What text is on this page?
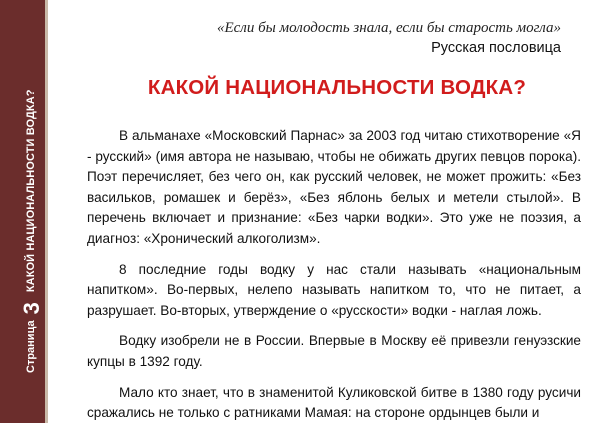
Страница
3
КАКОЙ НАЦИОНАЛЬНОСТИ ВОДКА?
«Если бы молодость знала, если бы старость могла»
Русская пословица
КАКОЙ НАЦИОНАЛЬНОСТИ ВОДКА?

В альманахе «Московский Парнас» за 2003 год читаю стихотворение «Я - русский» (имя автора не называю, чтобы не обижать других певцов порока). Поэт перечисляет, без чего он, как русский человек, не может прожить: «Без васильков, ромашек и берёз», «Без яблонь белых и метели стылой». В перечень включает и признание: «Без чарки водки». Это уже не поэзия, а диагноз: «Хронический алкоголизм».

8 последние годы водку у нас стали называть «национальным напитком». Во-первых, нелепо называть напитком то, что не питает, а разрушает. Во-вторых, утверждение о «русскости» водки - наглая ложь.

Водку изобрели не в России. Впервые в Москву её привезли генуэзские купцы в 1392 году.

Мало кто знает, что в знаменитой Куликовской битве в 1380 году русичи сражались не только с ратниками Мамая: на стороне ордынцев были и
